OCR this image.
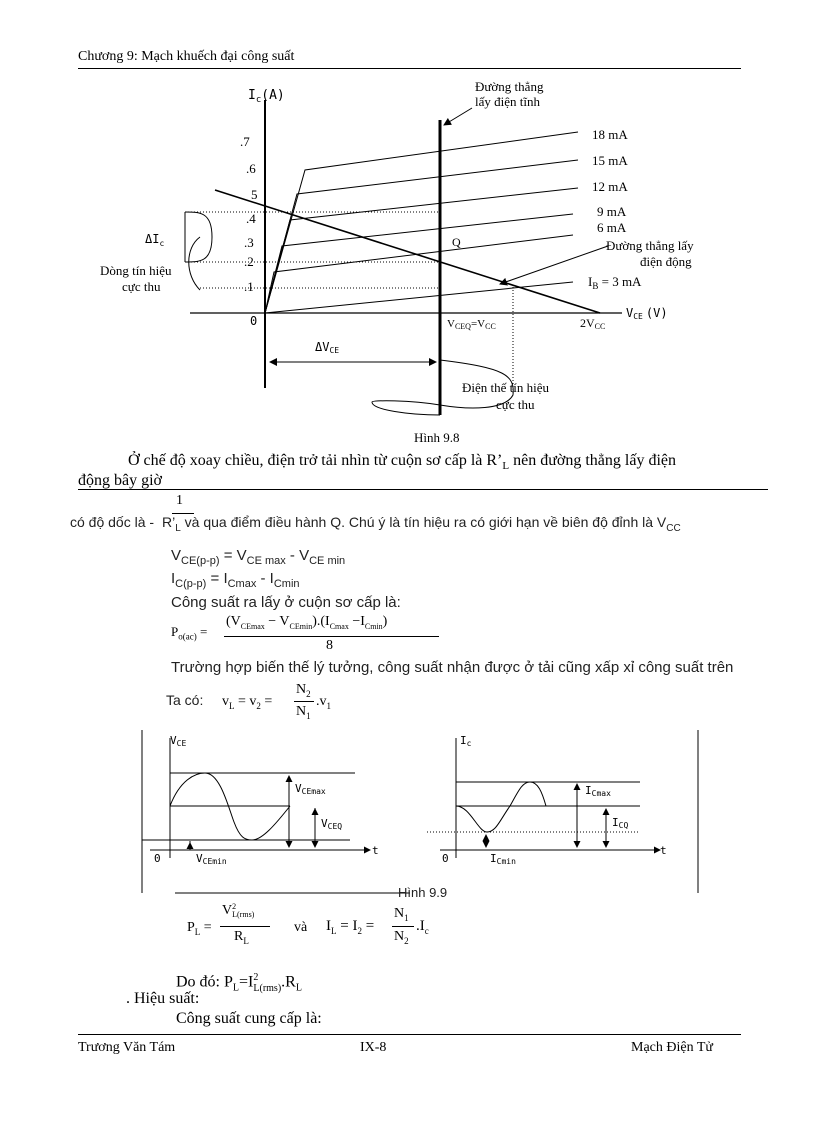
Chương 9: Mạch khuếch đại công suất
$I_c(A)$
.7
.6
5
.4
.3
.2
.1
0
18 mA
15 mA
12 mA
9 mA
6 mA
$I_B = 3$ mA
Đường thẳng
lấy điện tĩnh
Đường thẳng lấy
điện động
Q
$\Delta I_c$
Dòng tín hiệu
cực thu
VCEQ=VCC	2VCC
VCE (V)
ΔVCE
Điện thế tín hiệu
cực thu
Hình 9.8
Ở chế độ xoay chiều, điện trở tải nhìn từ cuộn sơ cấp là $R’_L$ nên đường thẳng lấy điện
động bây giờ
1
có độ dốc là - $R’_L$ và qua điểm điều hành Q. Chú ý là tín hiệu ra có giới hạn về biên độ đỉnh là $V_{CC}$
$V_{CE(p-p)} = V_{CE max} - V_{CE min}$
$I_{C(p-p)} = I_{Cmax} - I_{Cmin}$
Công suất ra lấy ở cuộn sơ cấp là:
$P_{o(ac)}$ =
$(V_{CEmax} - V_{CEmin}).(I_{Cmax} -I_{Cmin})$
8
Trường hợp biến thế lý tưởng, công suất nhận được ở tải cũng xấp xỉ công suất trên
Ta có: $v_L = v_2$ =
$N_2$
$N_1$
$.v_1$
VCE
VCEmax
VCEQ
VCEmin
0
t
Ic
ICmax
ICQ
ICmin
0
t
Hình 9.9
$P_L$ =
V 2
L(rms)
$R_L$
và $I_L = I_2$ =
$N_1$
$N_2$
$.I_c$
Do đó: $P_L=I^2_{L(rms)}.R_L$
. Hiệu suất:
Công suất cung cấp là:
Trương Văn Tám	IX-8	Mạch Điện Tử
